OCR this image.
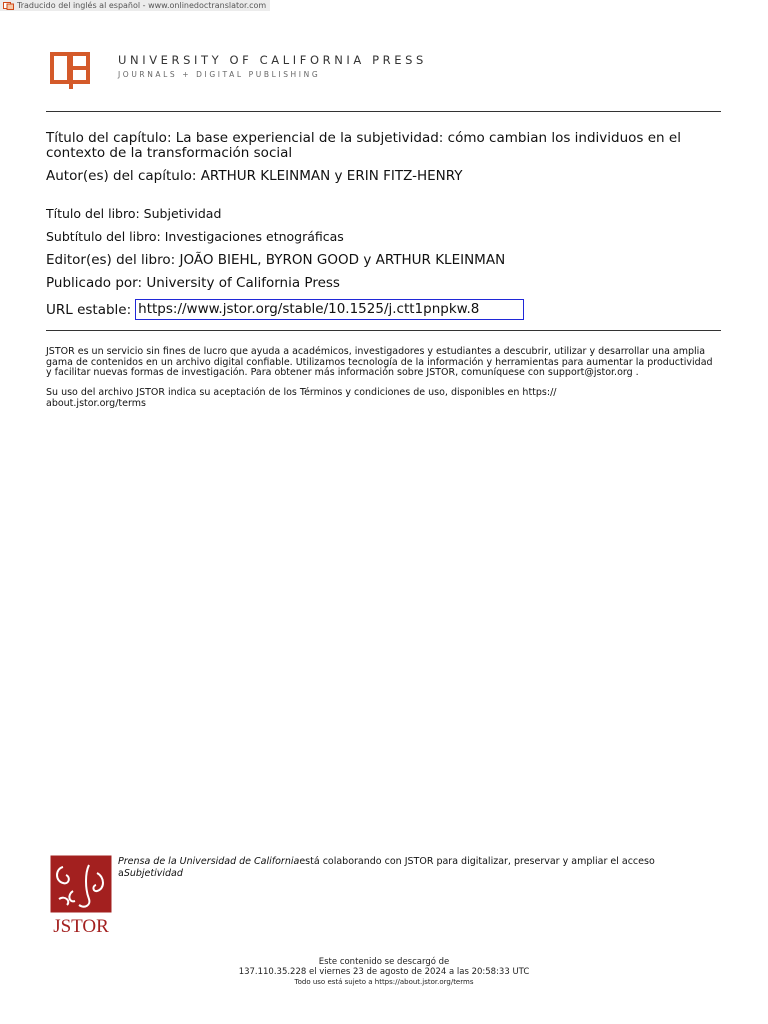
Traducido del inglés al español - www.onlinedoctranslator.com
UNIVERSITY OF CALIFORNIA PRESS
JOURNALS + DIGITAL PUBLISHING
Título del capítulo: La base experiencial de la subjetividad: cómo cambian los individuos en el contexto de la transformación social
Autor(es) del capítulo: ARTHUR KLEINMAN y ERIN FITZ-HENRY
Título del libro: Subjetividad
Subtítulo del libro: Investigaciones etnográficas
Editor(es) del libro: JOÃO BIEHL, BYRON GOOD y ARTHUR KLEINMAN
Publicado por: University of California Press
URL estable: https://www.jstor.org/stable/10.1525/j.ctt1pnpkw.8
JSTOR es un servicio sin fines de lucro que ayuda a académicos, investigadores y estudiantes a descubrir, utilizar y desarrollar una amplia gama de contenidos en un archivo digital confiable. Utilizamos tecnología de la información y herramientas para aumentar la productividad y facilitar nuevas formas de investigación. Para obtener más información sobre JSTOR, comuníquese con support@jstor.org .
Su uso del archivo JSTOR indica su aceptación de los Términos y condiciones de uso, disponibles en https:// about.jstor.org/terms
JSTOR
Prensa de la Universidad de Californiaestá colaborando con JSTOR para digitalizar, preservar y ampliar el acceso aSubjetividad
Este contenido se descargó de
137.110.35.228 el viernes 23 de agosto de 2024 a las 20:58:33 UTC
Todo uso está sujeto a https://about.jstor.org/terms
